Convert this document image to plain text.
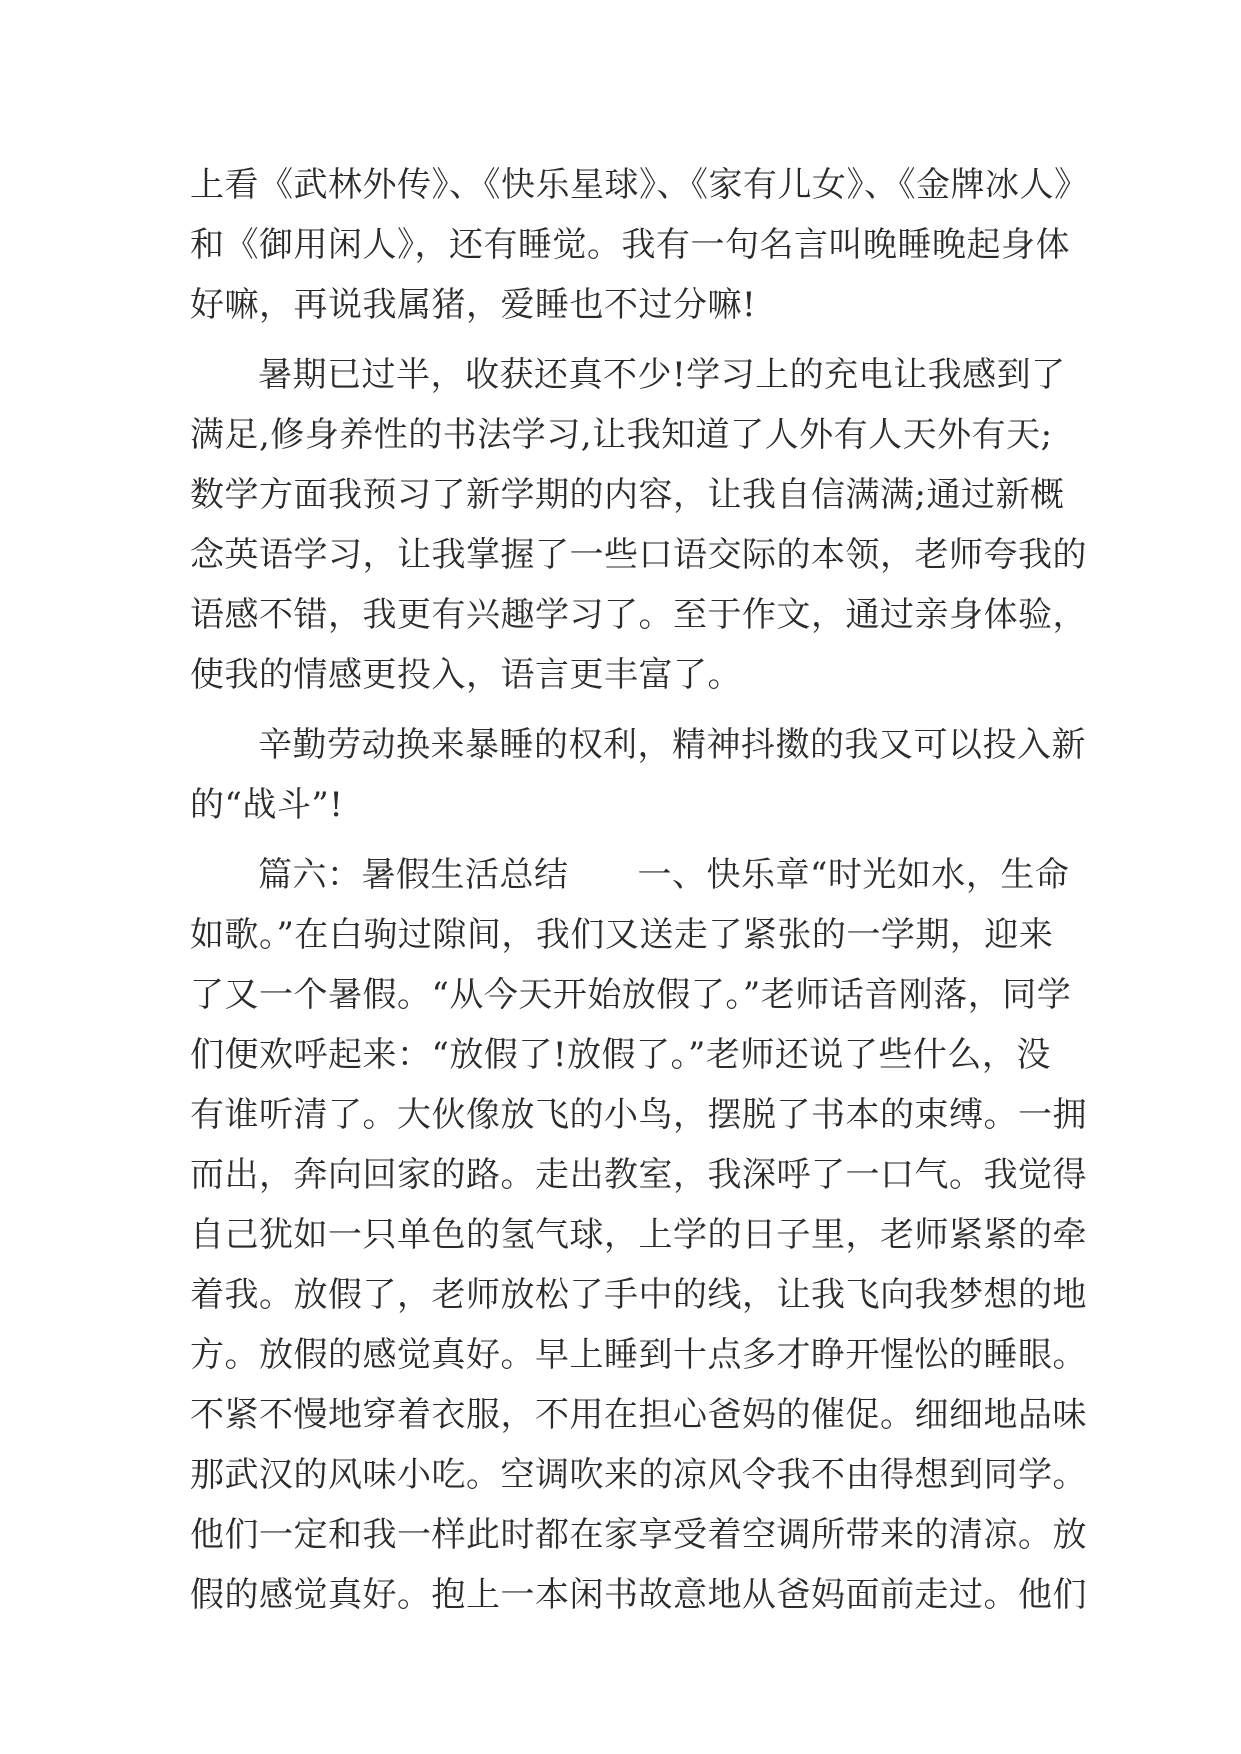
上看《武林外传》、《快乐星球》、《家有儿女》、《金牌冰人》
和《御用闲人》，还有睡觉。我有一句名言叫晚睡晚起身体
好嘛，再说我属猪，爱睡也不过分嘛!
暑期已过半，收获还真不少!学习上的充电让我感到了
满足,修身养性的书法学习,让我知道了人外有人天外有天;
数学方面我预习了新学期的内容，让我自信满满;通过新概
念英语学习，让我掌握了一些口语交际的本领，老师夸我的
语感不错，我更有兴趣学习了。至于作文，通过亲身体验，
使我的情感更投入，语言更丰富了。
辛勤劳动换来暴睡的权利，精神抖擞的我又可以投入新
的“战斗”!
篇六：暑假生活总结　　一、快乐章“时光如水，生命
如歌。”在白驹过隙间，我们又送走了紧张的一学期，迎来
了又一个暑假。“从今天开始放假了。”老师话音刚落，同学
们便欢呼起来：“放假了!放假了。”老师还说了些什么，没
有谁听清了。大伙像放飞的小鸟，摆脱了书本的束缚。一拥
而出，奔向回家的路。走出教室，我深呼了一口气。我觉得
自己犹如一只单色的氢气球，上学的日子里，老师紧紧的牵
着我。放假了，老师放松了手中的线，让我飞向我梦想的地
方。放假的感觉真好。早上睡到十点多才睁开惺忪的睡眼。
不紧不慢地穿着衣服，不用在担心爸妈的催促。细细地品味
那武汉的风味小吃。空调吹来的凉风令我不由得想到同学。
他们一定和我一样此时都在家享受着空调所带来的清凉。放
假的感觉真好。抱上一本闲书故意地从爸妈面前走过。他们
